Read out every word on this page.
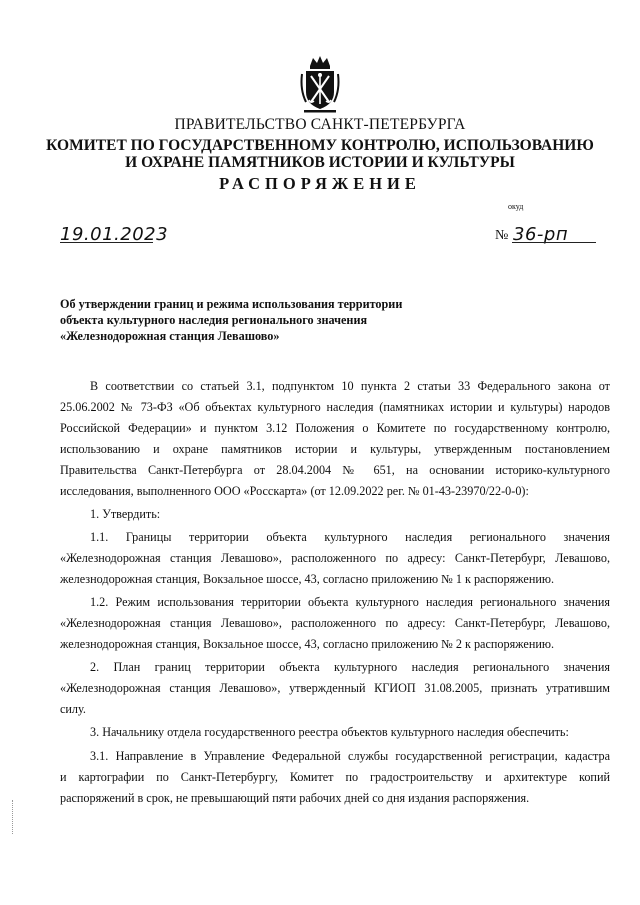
ПРАВИТЕЛЬСТВО САНКТ-ПЕТЕРБУРГА
КОМИТЕТ ПО ГОСУДАРСТВЕННОМУ КОНТРОЛЮ, ИСПОЛЬЗОВАНИЮ
И ОХРАНЕ ПАМЯТНИКОВ ИСТОРИИ И КУЛЬТУРЫ
РАСПОРЯЖЕНИЕ
окуд
19.01.2023	№ 36-рп
Об утверждении границ и режима использования территории
объекта культурного наследия регионального значения
«Железнодорожная станция Левашово»
В соответствии со статьей 3.1, подпунктом 10 пункта 2 статьи 33 Федерального закона от
25.06.2002 № 73-ФЗ «Об объектах культурного наследия (памятниках истории и культуры) народов
Российской Федерации» и пунктом 3.12 Положения о Комитете по государственному контролю,
использованию и охране памятников истории и культуры, утвержденным постановлением
Правительства Санкт-Петербурга от 28.04.2004 № 651, на основании историко-культурного
исследования, выполненного ООО «Росскарта» (от 12.09.2022 рег. № 01-43-23970/22-0-0):
1. Утвердить:
1.1. Границы территории объекта культурного наследия регионального значения
«Железнодорожная станция Левашово», расположенного по адресу: Санкт-Петербург, Левашово,
железнодорожная станция, Вокзальное шоссе, 43, согласно приложению № 1 к распоряжению.
1.2. Режим использования территории объекта культурного наследия регионального значения
«Железнодорожная станция Левашово», расположенного по адресу: Санкт-Петербург, Левашово,
железнодорожная станция, Вокзальное шоссе, 43, согласно приложению № 2 к распоряжению.
2. План границ территории объекта культурного наследия регионального значения
«Железнодорожная станция Левашово», утвержденный КГИОП 31.08.2005, признать утратившим
силу.
3. Начальнику отдела государственного реестра объектов культурного наследия обеспечить:
3.1. Направление в Управление Федеральной службы государственной регистрации, кадастра
и картографии по Санкт-Петербургу, Комитет по градостроительству и архитектуре копий
распоряжений в срок, не превышающий пяти рабочих дней со дня издания распоряжения.
